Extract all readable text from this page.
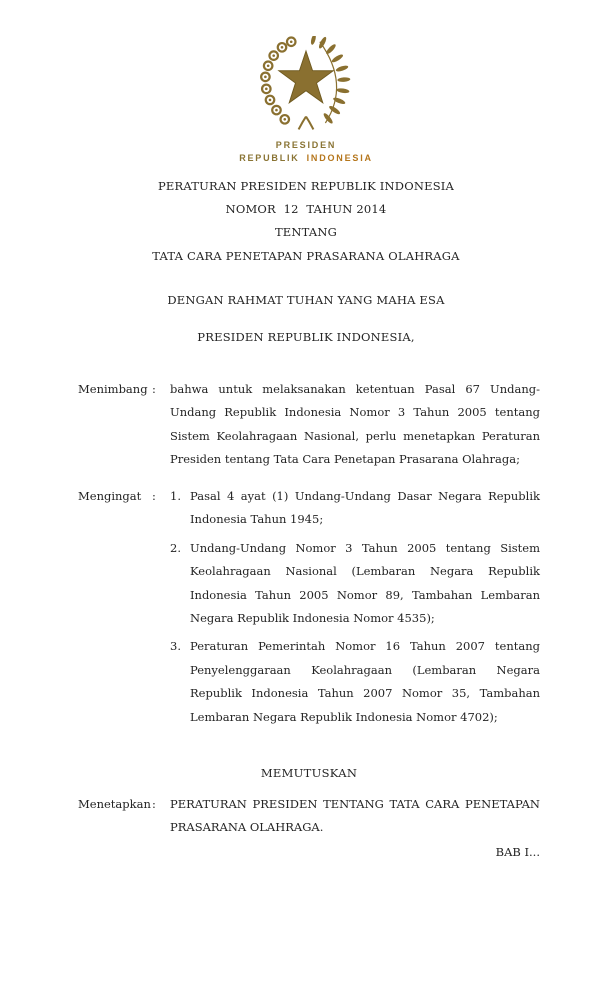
PRESIDEN
REPUBLIK INDONESIA
PERATURAN PRESIDEN REPUBLIK INDONESIA
NOMOR  12  TAHUN 2014
TENTANG
TATA CARA PENETAPAN PRASARANA OLAHRAGA
DENGAN RAHMAT TUHAN YANG MAHA ESA
PRESIDEN REPUBLIK INDONESIA,
Menimbang :	bahwa untuk melaksanakan ketentuan Pasal 67 Undang-Undang Republik Indonesia Nomor 3 Tahun 2005 tentang Sistem Keolahragaan Nasional, perlu menetapkan Peraturan Presiden tentang Tata Cara Penetapan Prasarana Olahraga;
Mengingat :	1. Pasal 4 ayat (1) Undang-Undang Dasar Negara Republik Indonesia Tahun 1945;
2. Undang-Undang Nomor 3 Tahun 2005 tentang Sistem Keolahragaan Nasional (Lembaran Negara Republik Indonesia Tahun 2005 Nomor 89, Tambahan Lembaran Negara Republik Indonesia Nomor 4535);
3. Peraturan Pemerintah Nomor 16 Tahun 2007 tentang Penyelenggaraan Keolahragaan (Lembaran Negara Republik Indonesia Tahun 2007 Nomor 35, Tambahan Lembaran Negara Republik Indonesia Nomor 4702);
MEMUTUSKAN
Menetapkan :	PERATURAN PRESIDEN TENTANG TATA CARA PENETAPAN PRASARANA OLAHRAGA.
BAB I...
